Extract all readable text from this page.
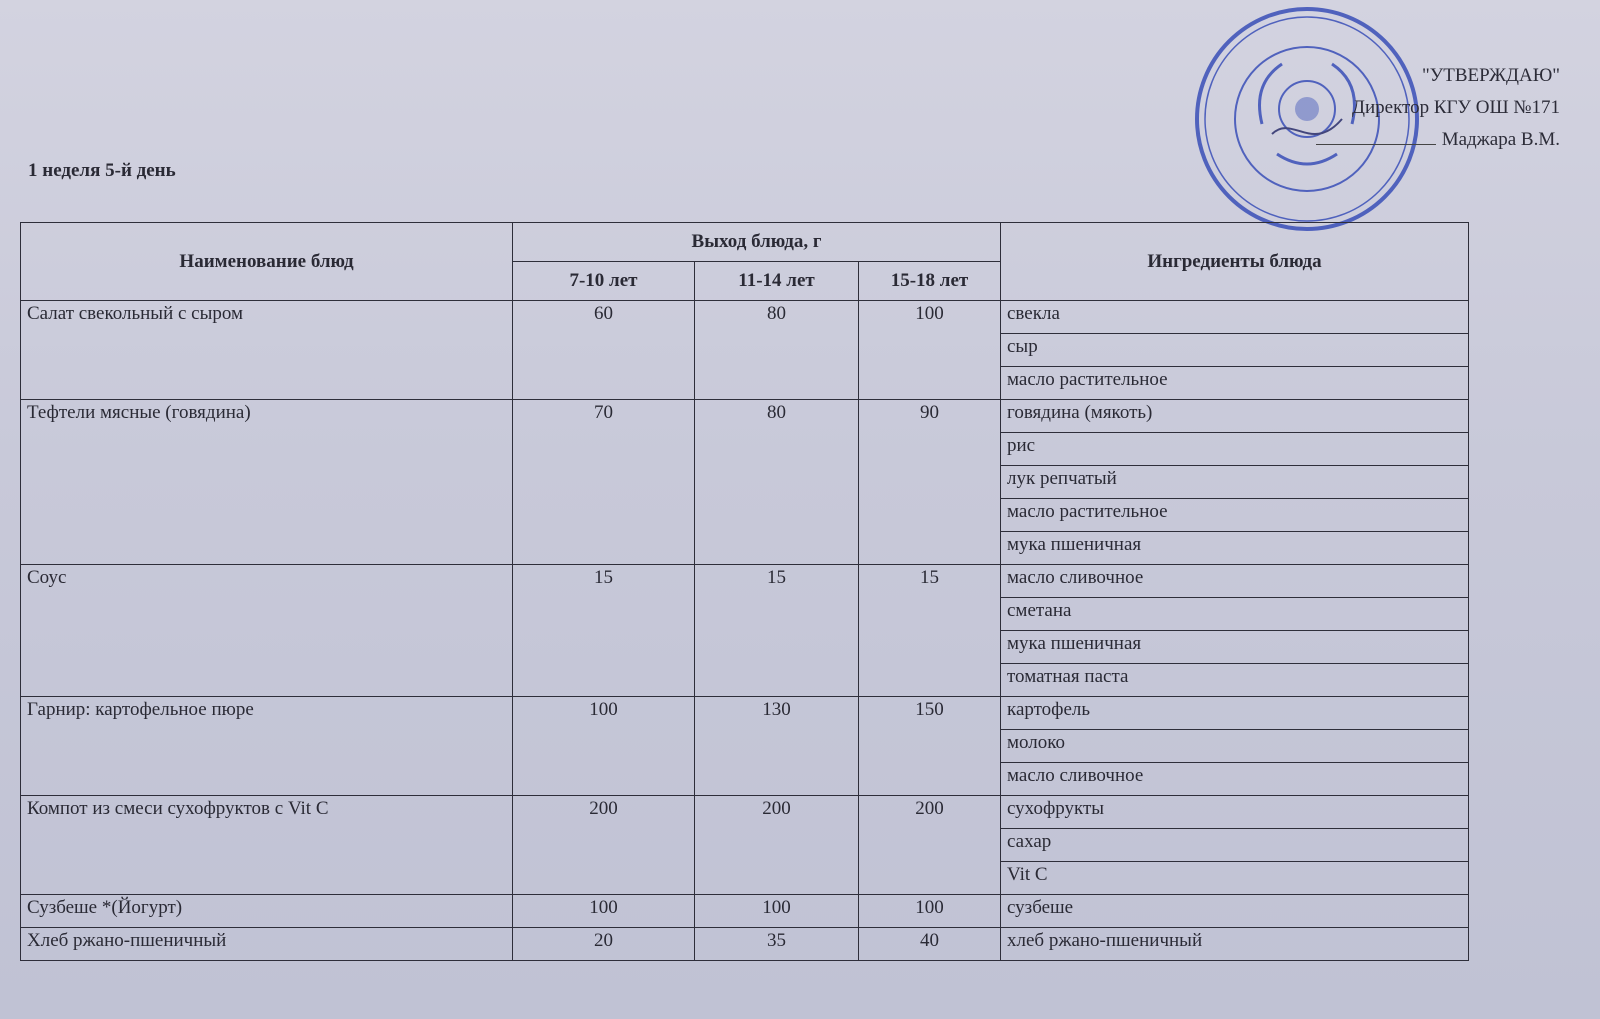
"УТВЕРЖДАЮ"
Директор КГУ ОШ №171
Маджара В.М.
1 неделя 5-й день
Наименование блюд	Выход блюда, г			Ингредиенты блюда
	7-10 лет	11-14 лет	15-18 лет	
Салат свекольный с сыром	60	80	100	свекла
				сыр
				масло растительное
Тефтели мясные (говядина)	70	80	90	говядина (мякоть)
				рис
				лук репчатый
				масло растительное
				мука пшеничная
Соус	15	15	15	масло сливочное
				сметана
				мука пшеничная
				томатная паста
Гарнир: картофельное пюре	100	130	150	картофель
				молоко
				масло сливочное
Компот из смеси сухофруктов с Vit C	200	200	200	сухофрукты
				сахар
				Vit C
Сузбеше *(Йогурт)	100	100	100	сузбеше
Хлеб ржано-пшеничный	20	35	40	хлеб ржано-пшеничный
